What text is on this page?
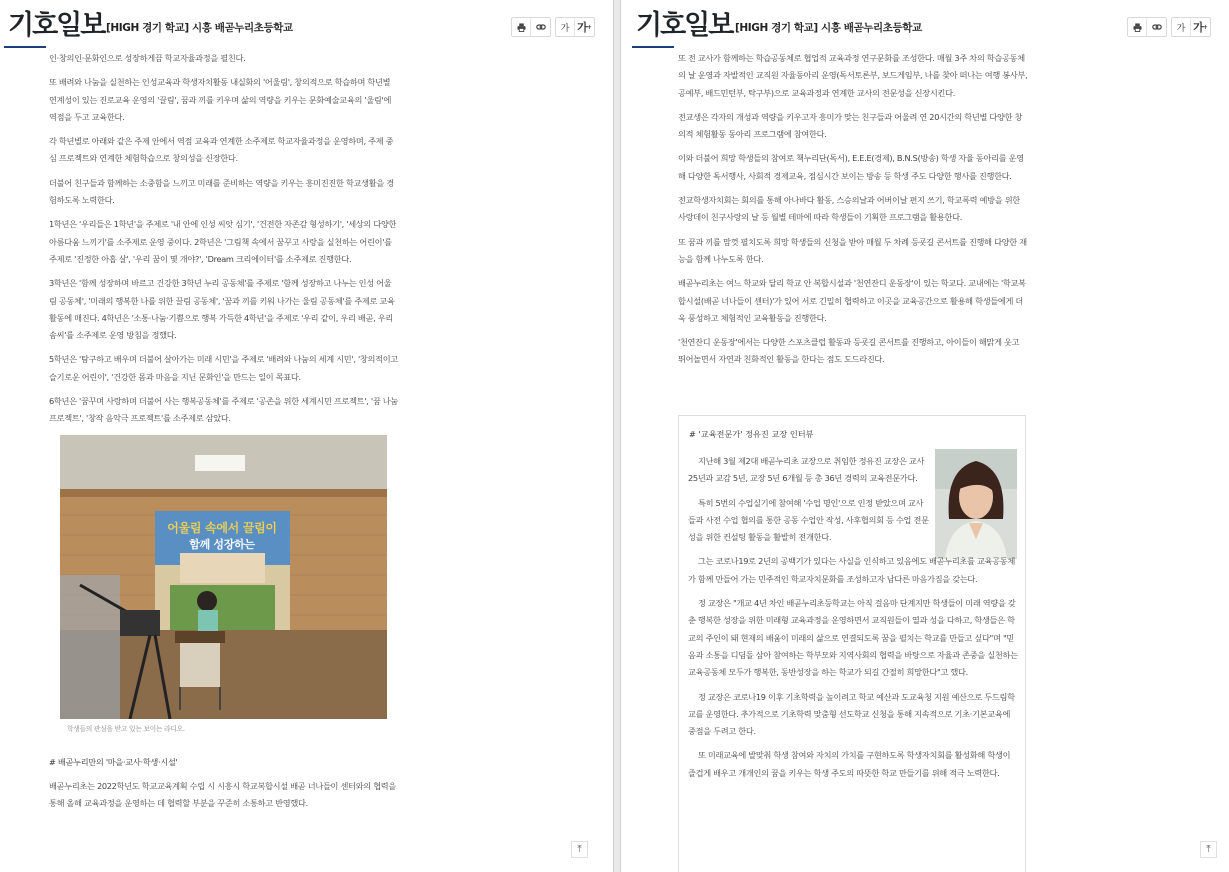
기호일보 [HIGH 경기 학교] 시흥 배곧누리초등학교	가 가 +

인·창의인·문화인으로 성장하게끔 학교자율과정을 펼친다.

또 배려와 나눔을 실천하는 인성교육과 학생자치활동 내실화의 '어울림', 창의적으로 학습하며 학년별 연계성이 있는 진로교육 운영의 '끌림', 꿈과 끼를 키우며 삶의 역량을 키우는 문화예술교육의 '울림'에 역점을 두고 교육한다.

각 학년별로 아래와 같은 주제 안에서 역점 교육과 연계한 소주제로 학교자율과정을 운영하며, 주제 중심 프로젝트와 연계한 체험학습으로 창의성을 신장한다.

더불어 친구들과 함께하는 소중함을 느끼고 미래를 준비하는 역량을 키우는 흥미진진한 학교생활을 경험하도록 노력한다.

1학년은 '우리들은 1학년'을 주제로 '내 안에 인성 씨앗 심기', '건전한 자존감 형성하기', '세상의 다양한 아름다움 느끼기'를 소주제로 운영 중이다. 2학년은 '그림책 속에서 꿈꾸고 사랑을 실천하는 어린이'를 주제로 '진정한 아홉 살', '우리 꿈이 몇 개야?', 'Dream 크리에이터'를 소주제로 진행한다.

3학년은 '함께 성장하며 바르고 건강한 3학년 누리 공동체'를 주제로 '함께 성장하고 나누는 인성 어울림 공동체', '미래의 행복한 나를 위한 끌림 공동체', '꿈과 끼를 키워 나가는 울림 공동체'를 주제로 교육활동에 매진다. 4학년은 '소통·나눔·기쁨으로 행복 가득한 4학년'을 주제로 '우리 같이, 우리 배곧, 우리 솜씨'를 소주제로 운영 방침을 정했다.

5학년은 '탐구하고 배우며 더불어 살아가는 미래 시민'을 주제로 '배려와 나눔의 세계 시민', '창의적이고 슬기로운 어린이', '건강한 몸과 마음을 지닌 문화인'을 만드는 일이 목표다.

6학년은 '꿈꾸며 사랑하며 더불어 사는 행복공동체'를 주제로 '공존을 위한 세계시민 프로젝트', '꿈 나눔 프로젝트', '창작 음악극 프로젝트'를 소주제로 삼았다.

어울림 속에서 끌림이
함께 성장하는
학생들의 관심을 받고 있는 보이는 라디오.

# 배곧누리만의 '마을·교사·학생·시설'

배곧누리초는 2022학년도 학교교육계획 수립 시 시흥시 학교복합시설 배곧 너나들이 센터와의 협력을 통해 올해 교육과정을 운영하는 데 협력할 부분을 꾸준히 소통하고 반영했다.

⤒
기호일보 [HIGH 경기 학교] 시흥 배곧누리초등학교	가 가 +

또 전 교사가 함께하는 학습공동체로 협업적 교육과정 연구문화를 조성한다. 매월 3주 차의 학습공동체의 날 운영과 자발적인 교직원 자율동아리 운영(독서토론부, 보드게임부, 나를 찾아 떠나는 여행 봉사부, 공예부, 배드민턴부, 탁구부)으로 교육과정과 연계한 교사의 전문성을 신장시킨다.

전교생은 각자의 개성과 역량을 키우고자 흥미가 맞는 친구들과 어울려 연 20시간의 학년별 다양한 창의적 체험활동 동아리 프로그램에 참여한다.

이와 더불어 희망 학생들의 참여로 책누리단(독서), E.E.E(경제), B.N.S(방송) 학생 자율 동아리를 운영해 다양한 독서행사, 사회적 경제교육, 점심시간 보이는 방송 등 학생 주도 다양한 행사를 진행한다.

전교학생자치회는 회의를 통해 아나바다 활동, 스승의날과 어버이날 편지 쓰기, 학교폭력 예방을 위한 사랑데이 친구사랑의 날 등 월별 테마에 따라 학생들이 기획한 프로그램을 활용한다.

또 꿈과 끼를 맘껏 펼치도록 희망 학생들의 신청을 받아 매월 두 차례 등굣길 콘서트를 진행해 다양한 재능을 함께 나누도록 한다.

배곧누리초는 여느 학교와 달리 학교 안 복합시설과 '천연잔디 운동장'이 있는 학교다. 교내에는 '학교복합시설(배곧 너나들이 센터)'가 있어 서로 긴밀히 협력하고 이곳을 교육공간으로 활용해 학생들에게 더욱 풍성하고 체험적인 교육활동을 진행한다.

'천연잔디 운동장'에서는 다양한 스포츠클럽 활동과 등굣길 콘서트를 진행하고, 아이들이 해맑게 웃고 뛰어놀면서 자연과 친화적인 활동을 한다는 점도 도드라진다.

# '교육전문가' 정유진 교장 인터뷰

지난해 3월 제2대 배곧누리초 교장으로 취임한 정유진 교장은 교사 25년과 교감 5년, 교장 5년 6개월 등 총 36년 경력의 교육전문가다.

특히 5번의 수업실기에 참여해 '수업 명인'으로 인정 받았으며 교사들과 사전 수업 협의를 통한 공동 수업안 작성, 사후협의회 등 수업 전문성을 위한 컨설팅 활동을 활발히 전개한다.

그는 코로나19로 2년의 공백기가 있다는 사실을 인식하고 있음에도 배곧누리초를 교육공동체가 함께 만들어 가는 민주적인 학교자치문화를 조성하고자 남다른 마음가짐을 갖는다.

정 교장은 "개교 4년 차인 배곧누리초등학교는 아직 걸음마 단계지만 학생들이 미래 역량을 갖춘 행복한 성장을 위한 미래형 교육과정을 운영하면서 교직원들이 열과 성을 다하고, 학생들은 학교의 주인이 돼 현재의 배움이 미래의 삶으로 연결되도록 꿈을 펼치는 학교를 만들고 싶다"며 "믿음과 소통을 디딤돌 삼아 참여하는 학부모와 지역사회의 협력을 바탕으로 자율과 존중을 실천하는 교육공동체 모두가 행복한, 동반성장을 하는 학교가 되길 간절히 희망한다"고 했다.

정 교장은 코로나19 이후 기초학력을 높이려고 학교 예산과 도교육청 지원 예산으로 두드림학교를 운영한다. 추가적으로 기초학력 맞춤형 선도학교 신청을 통해 지속적으로 기초·기본교육에 중점을 두려고 한다.

또 미래교육에 발맞춰 학생 참여와 자치의 가치를 구현하도록 학생자치회를 활성화해 학생이 즐겁게 배우고 개개인의 꿈을 키우는 학생 주도의 따뜻한 학교 만들기를 위해 적극 노력한다.

⤒
